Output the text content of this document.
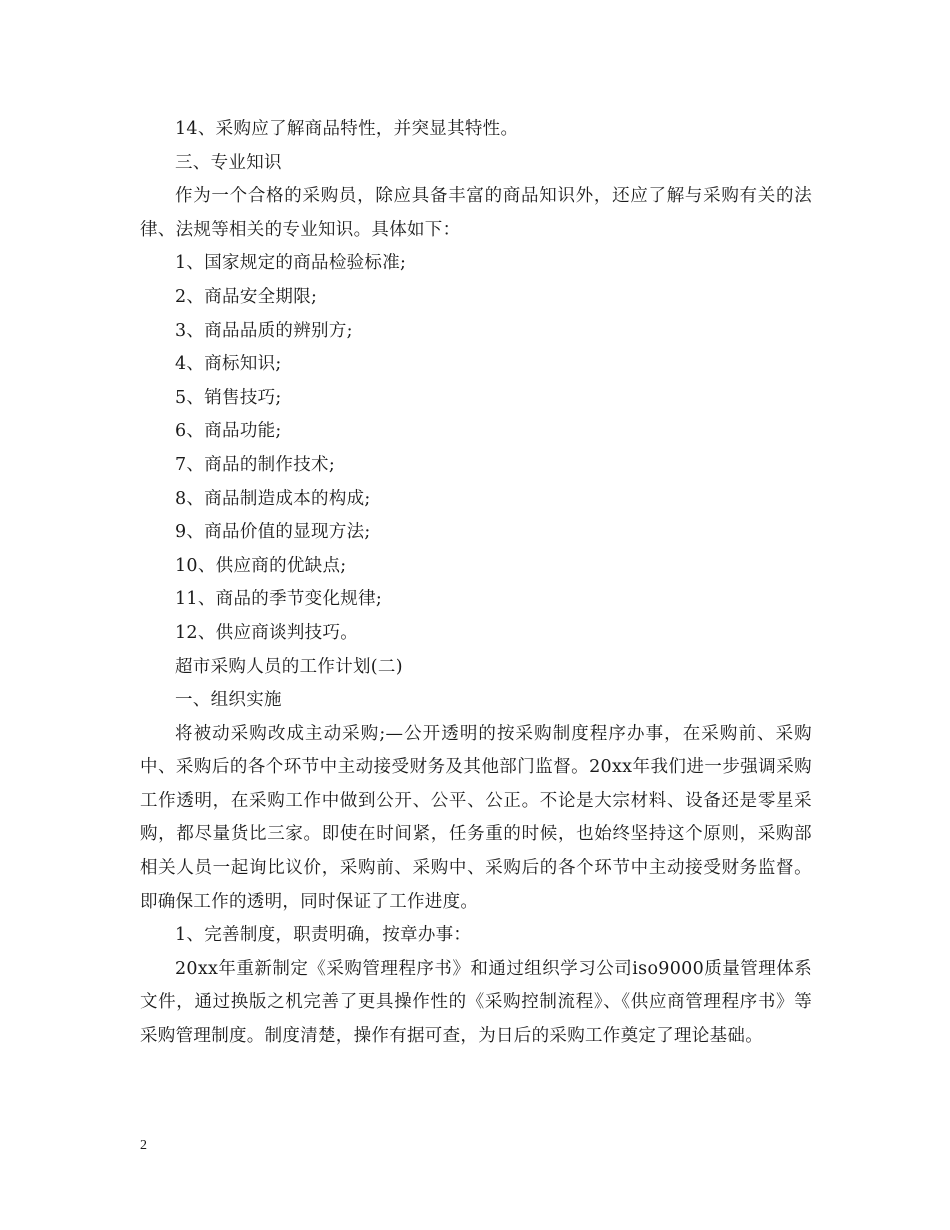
14、采购应了解商品特性，并突显其特性。

三、专业知识

作为一个合格的采购员，除应具备丰富的商品知识外，还应了解与采购有关的法律、法规等相关的专业知识。具体如下：

1、国家规定的商品检验标准;

2、商品安全期限;

3、商品品质的辨别方;

4、商标知识;

5、销售技巧;

6、商品功能;

7、商品的制作技术;

8、商品制造成本的构成;

9、商品价值的显现方法;

10、供应商的优缺点;

11、商品的季节变化规律;

12、供应商谈判技巧。

超市采购人员的工作计划(二)

一、组织实施

将被动采购改成主动采购;—公开透明的按采购制度程序办事，在采购前、采购中、采购后的各个环节中主动接受财务及其他部门监督。20xx年我们进一步强调采购工作透明，在采购工作中做到公开、公平、公正。不论是大宗材料、设备还是零星采购，都尽量货比三家。即使在时间紧，任务重的时候，也始终坚持这个原则，采购部相关人员一起询比议价，采购前、采购中、采购后的各个环节中主动接受财务监督。即确保工作的透明，同时保证了工作进度。

1、完善制度，职责明确，按章办事：

20xx年重新制定《采购管理程序书》和通过组织学习公司iso9000质量管理体系文件，通过换版之机完善了更具操作性的《采购控制流程》、《供应商管理程序书》等采购管理制度。制度清楚，操作有据可查，为日后的采购工作奠定了理论基础。

2
